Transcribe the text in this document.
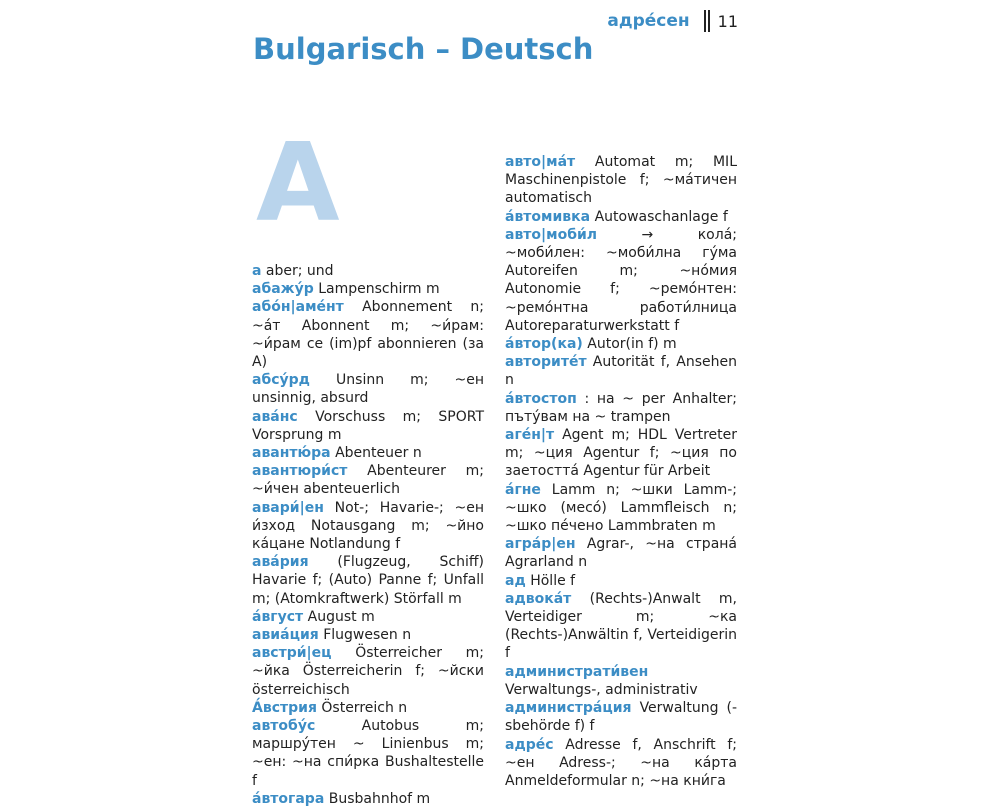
адре́сен 11
Bulgarisch – Deutsch
A

а aber; und

абажу́р Lampenschirm m

або́н|аме́нт Abonnement n; ~а́т Abonnent m; ~и́рам: ~и́рам се (im)pf abonnieren (за A)

абсу́рд Unsinn m; ~ен unsinnig, absurd

ава́нс Vorschuss m; SPORT Vorsprung m

авантю́ра Abenteuer n

авантюри́ст Abenteurer m; ~и́чен abenteuerlich

авари́|ен Not-; Havarie-; ~ен и́зход Notausgang m; ~йно ка́цане Notlandung f

ава́рия (Flugzeug, Schiff) Havarie f; (Auto) Panne f; Unfall m; (Atomkraftwerk) Störfall m

а́вгуст August m

авиа́ция Flugwesen n

австри́|ец Österreicher m; ~йка Österreicherin f; ~йски österreichisch

А́встрия Österreich n

автобу́с	Autobus m; маршру́тен ~ Linienbus m; ~ен: ~на спи́рка Bushaltestelle f

а́втогара Busbahnhof m

авто|ма́т Automat m; MIL Maschinenpistole f; ~ма́тичен automatisch

а́втомивка Autowaschanlage f

авто|моби́л	→ кола́; ~моби́лен: ~моби́лна гу́ма Autoreifen m; ~но́мия Autonomie f; ~ремо́нтен: ~ремо́нтна работи́лница Autoreparaturwerkstatt f

а́втор(ка) Autor(in f) m

авторите́т Autorität f, Ansehen n

а́втостоп : на ~ per Anhalter; пъту́вам на ~ trampen

аге́н|т Agent m; HDL Vertreter m; ~ция Agentur f; ~ция по заетостта́ Agentur für Arbeit

а́гне Lamm n; ~шки Lamm-; ~шко (месо́) Lammfleisch n; ~шко пе́чено Lammbraten m

агра́р|ен Agrar-, ~на страна́ Agrarland n

ад Hölle f

адвока́т (Rechts-)Anwalt m, Verteidiger m; ~ка (Rechts-)Anwältin f, Verteidigerin f

администрати́вен Verwaltungs-, administrativ

администра́ция Verwaltung (-sbehörde f) f

адре́с Adresse f, Anschrift f; ~ен Adress-; ~на ка́рта Anmeldeformular n; ~на кни́га
